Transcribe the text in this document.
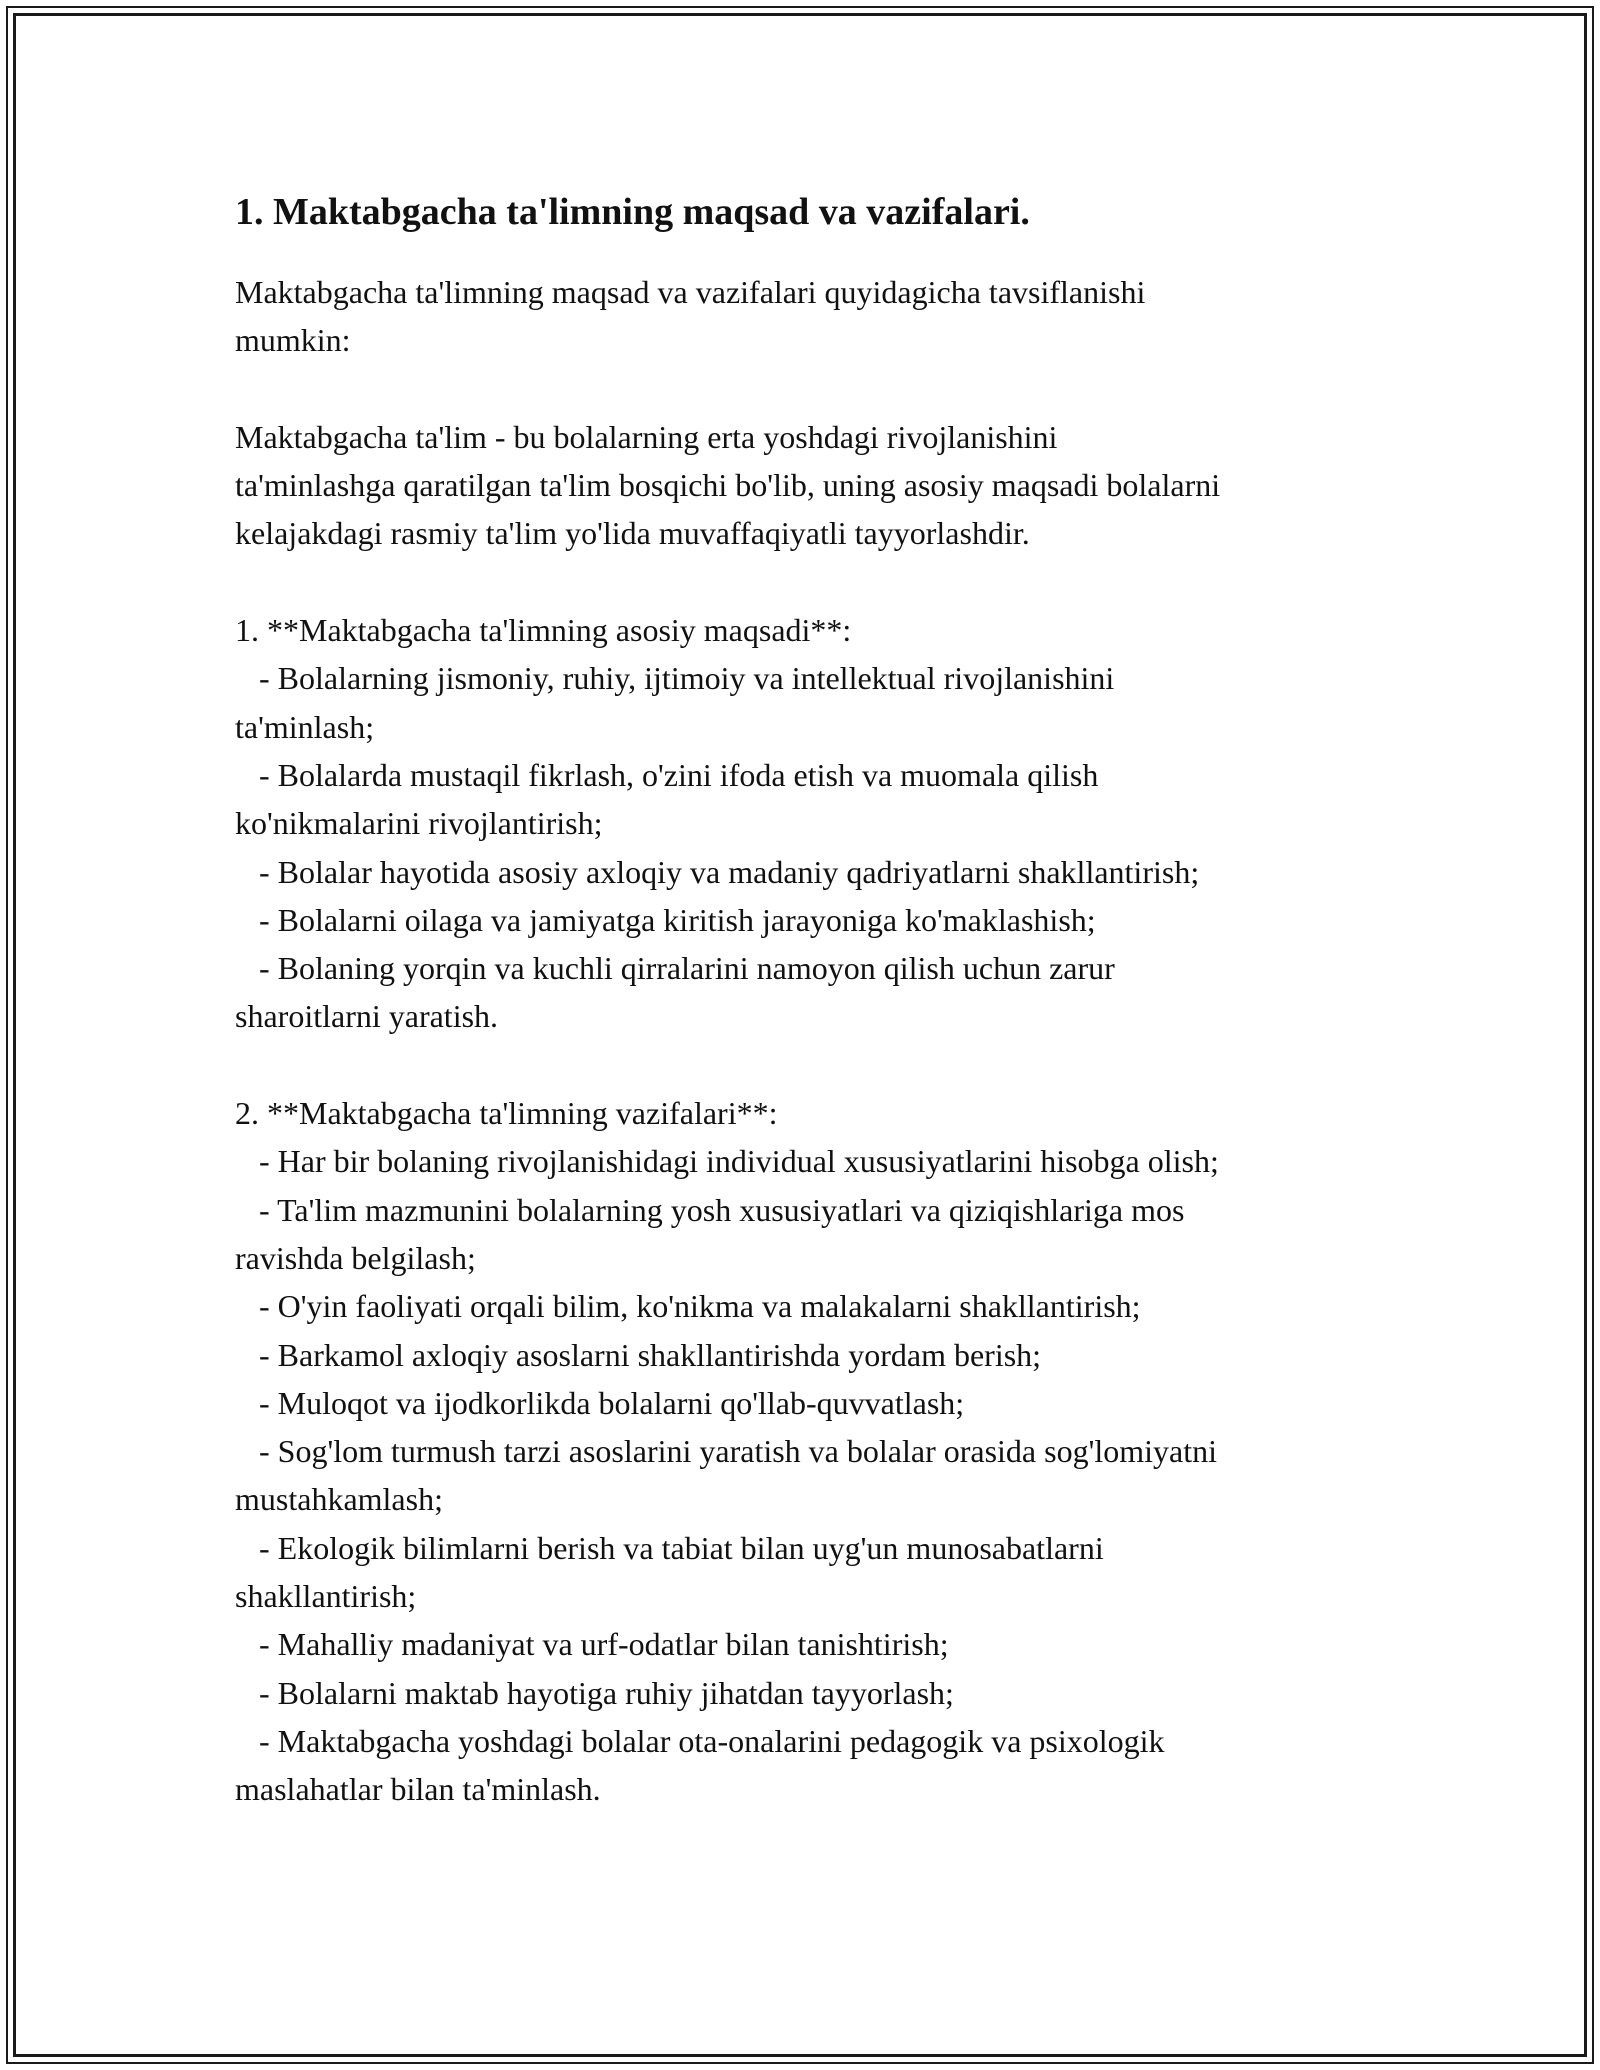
1. Maktabgacha ta'limning maqsad va vazifalari.
Maktabgacha ta'limning maqsad va vazifalari quyidagicha tavsiflanishi
mumkin:
Maktabgacha ta'lim - bu bolalarning erta yoshdagi rivojlanishini
ta'minlashga qaratilgan ta'lim bosqichi bo'lib, uning asosiy maqsadi bolalarni
kelajakdagi rasmiy ta'lim yo'lida muvaffaqiyatli tayyorlashdir.
1. **Maktabgacha ta'limning asosiy maqsadi**:
- Bolalarning jismoniy, ruhiy, ijtimoiy va intellektual rivojlanishini
ta'minlash;
- Bolalarda mustaqil fikrlash, o'zini ifoda etish va muomala qilish
ko'nikmalarini rivojlantirish;
- Bolalar hayotida asosiy axloqiy va madaniy qadriyatlarni shakllantirish;
- Bolalarni oilaga va jamiyatga kiritish jarayoniga ko'maklashish;
- Bolaning yorqin va kuchli qirralarini namoyon qilish uchun zarur
sharoitlarni yaratish.
2. **Maktabgacha ta'limning vazifalari**:
- Har bir bolaning rivojlanishidagi individual xususiyatlarini hisobga olish;
- Ta'lim mazmunini bolalarning yosh xususiyatlari va qiziqishlariga mos
ravishda belgilash;
- O'yin faoliyati orqali bilim, ko'nikma va malakalarni shakllantirish;
- Barkamol axloqiy asoslarni shakllantirishda yordam berish;
- Muloqot va ijodkorlikda bolalarni qo'llab-quvvatlash;
- Sog'lom turmush tarzi asoslarini yaratish va bolalar orasida sog'lomiyatni
mustahkamlash;
- Ekologik bilimlarni berish va tabiat bilan uyg'un munosabatlarni
shakllantirish;
- Mahalliy madaniyat va urf-odatlar bilan tanishtirish;
- Bolalarni maktab hayotiga ruhiy jihatdan tayyorlash;
- Maktabgacha yoshdagi bolalar ota-onalarini pedagogik va psixologik
maslahatlar bilan ta'minlash.
